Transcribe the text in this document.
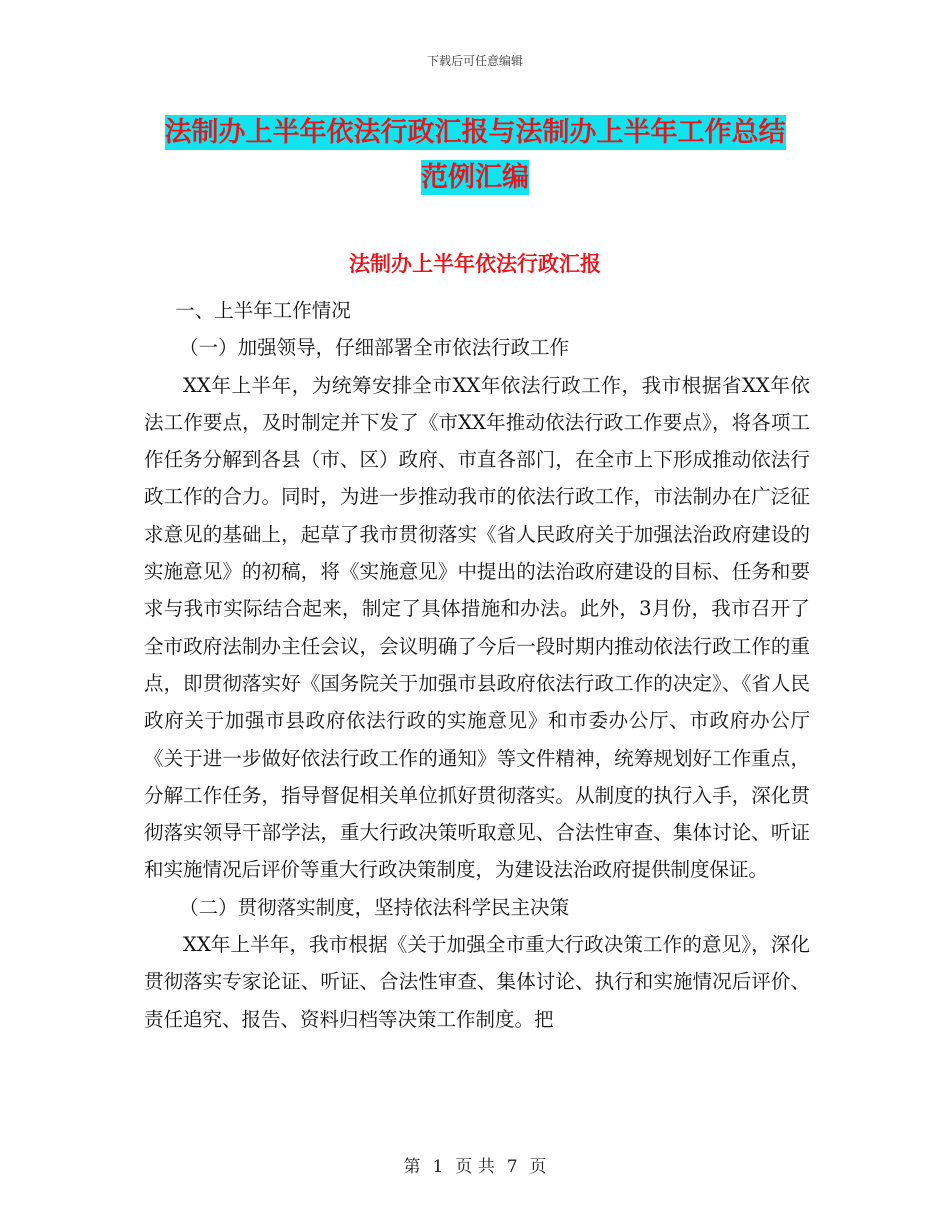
下载后可任意编辑
法制办上半年依法行政汇报与法制办上半年工作总结
范例汇编
法制办上半年依法行政汇报

一、上半年工作情况

（一）加强领导，仔细部署全市依法行政工作

XX年上半年，为统筹安排全市XX年依法行政工作，我市根据省XX年依法工作要点，及时制定并下发了《市XX年推动依法行政工作要点》，将各项工作任务分解到各县（市、区）政府、市直各部门，在全市上下形成推动依法行政工作的合力。同时，为进一步推动我市的依法行政工作，市法制办在广泛征求意见的基础上，起草了我市贯彻落实《省人民政府关于加强法治政府建设的实施意见》的初稿，将《实施意见》中提出的法治政府建设的目标、任务和要求与我市实际结合起来，制定了具体措施和办法。此外，3月份，我市召开了全市政府法制办主任会议，会议明确了今后一段时期内推动依法行政工作的重点，即贯彻落实好《国务院关于加强市县政府依法行政工作的决定》、《省人民政府关于加强市县政府依法行政的实施意见》和市委办公厅、市政府办公厅《关于进一步做好依法行政工作的通知》等文件精神，统筹规划好工作重点，分解工作任务，指导督促相关单位抓好贯彻落实。从制度的执行入手，深化贯彻落实领导干部学法，重大行政决策听取意见、合法性审查、集体讨论、听证和实施情况后评价等重大行政决策制度，为建设法治政府提供制度保证。

（二）贯彻落实制度，坚持依法科学民主决策

XX年上半年，我市根据《关于加强全市重大行政决策工作的意见》，深化贯彻落实专家论证、听证、合法性审查、集体讨论、执行和实施情况后评价、责任追究、报告、资料归档等决策工作制度。把

第 1 页 共 7 页
